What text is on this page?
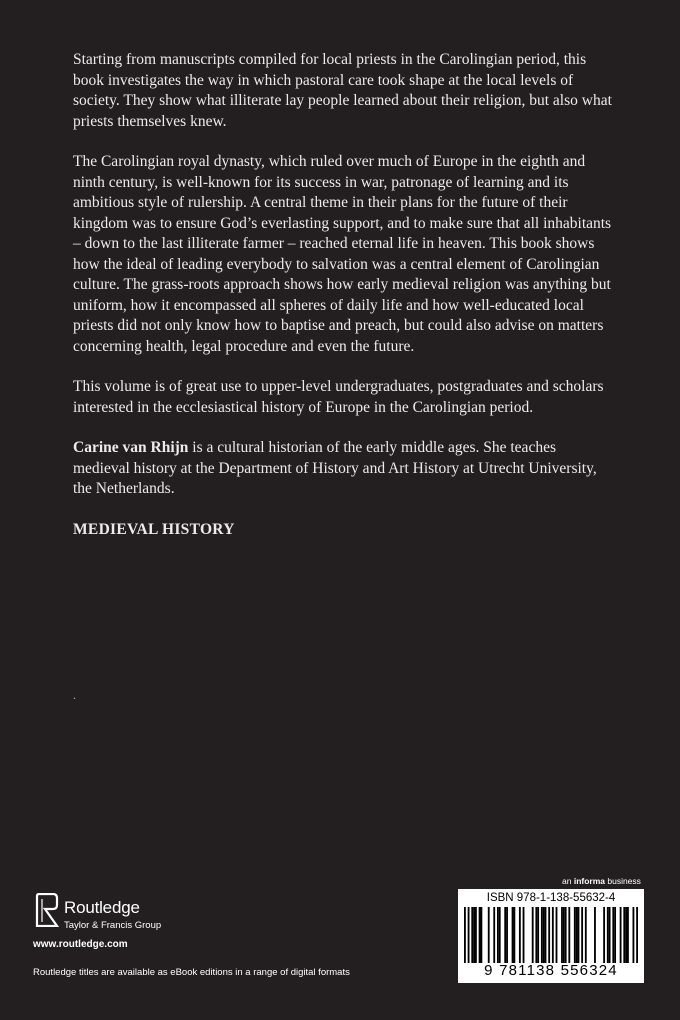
Starting from manuscripts compiled for local priests in the Carolingian period, this book investigates the way in which pastoral care took shape at the local levels of society. They show what illiterate lay people learned about their religion, but also what priests themselves knew.

The Carolingian royal dynasty, which ruled over much of Europe in the eighth and ninth century, is well-known for its success in war, patronage of learning and its ambitious style of rulership. A central theme in their plans for the future of their kingdom was to ensure God’s everlasting support, and to make sure that all inhabitants – down to the last illiterate farmer – reached eternal life in heaven. This book shows how the ideal of leading everybody to salvation was a central element of Carolingian culture. The grass-roots approach shows how early medieval religion was anything but uniform, how it encompassed all spheres of daily life and how well-educated local priests did not only know how to baptise and preach, but could also advise on matters concerning health, legal procedure and even the future.

This volume is of great use to upper-level undergraduates, postgraduates and scholars interested in the ecclesiastical history of Europe in the Carolingian period.

Carine van Rhijn is a cultural historian of the early middle ages. She teaches medieval history at the Department of History and Art History at Utrecht University, the Netherlands.

MEDIEVAL HISTORY

.
Routledge
Taylor & Francis Group
www.routledge.com
Routledge titles are available as eBook editions in a range of digital formats
an informa business
ISBN 978-1-138-55632-4
9 781138 556324
